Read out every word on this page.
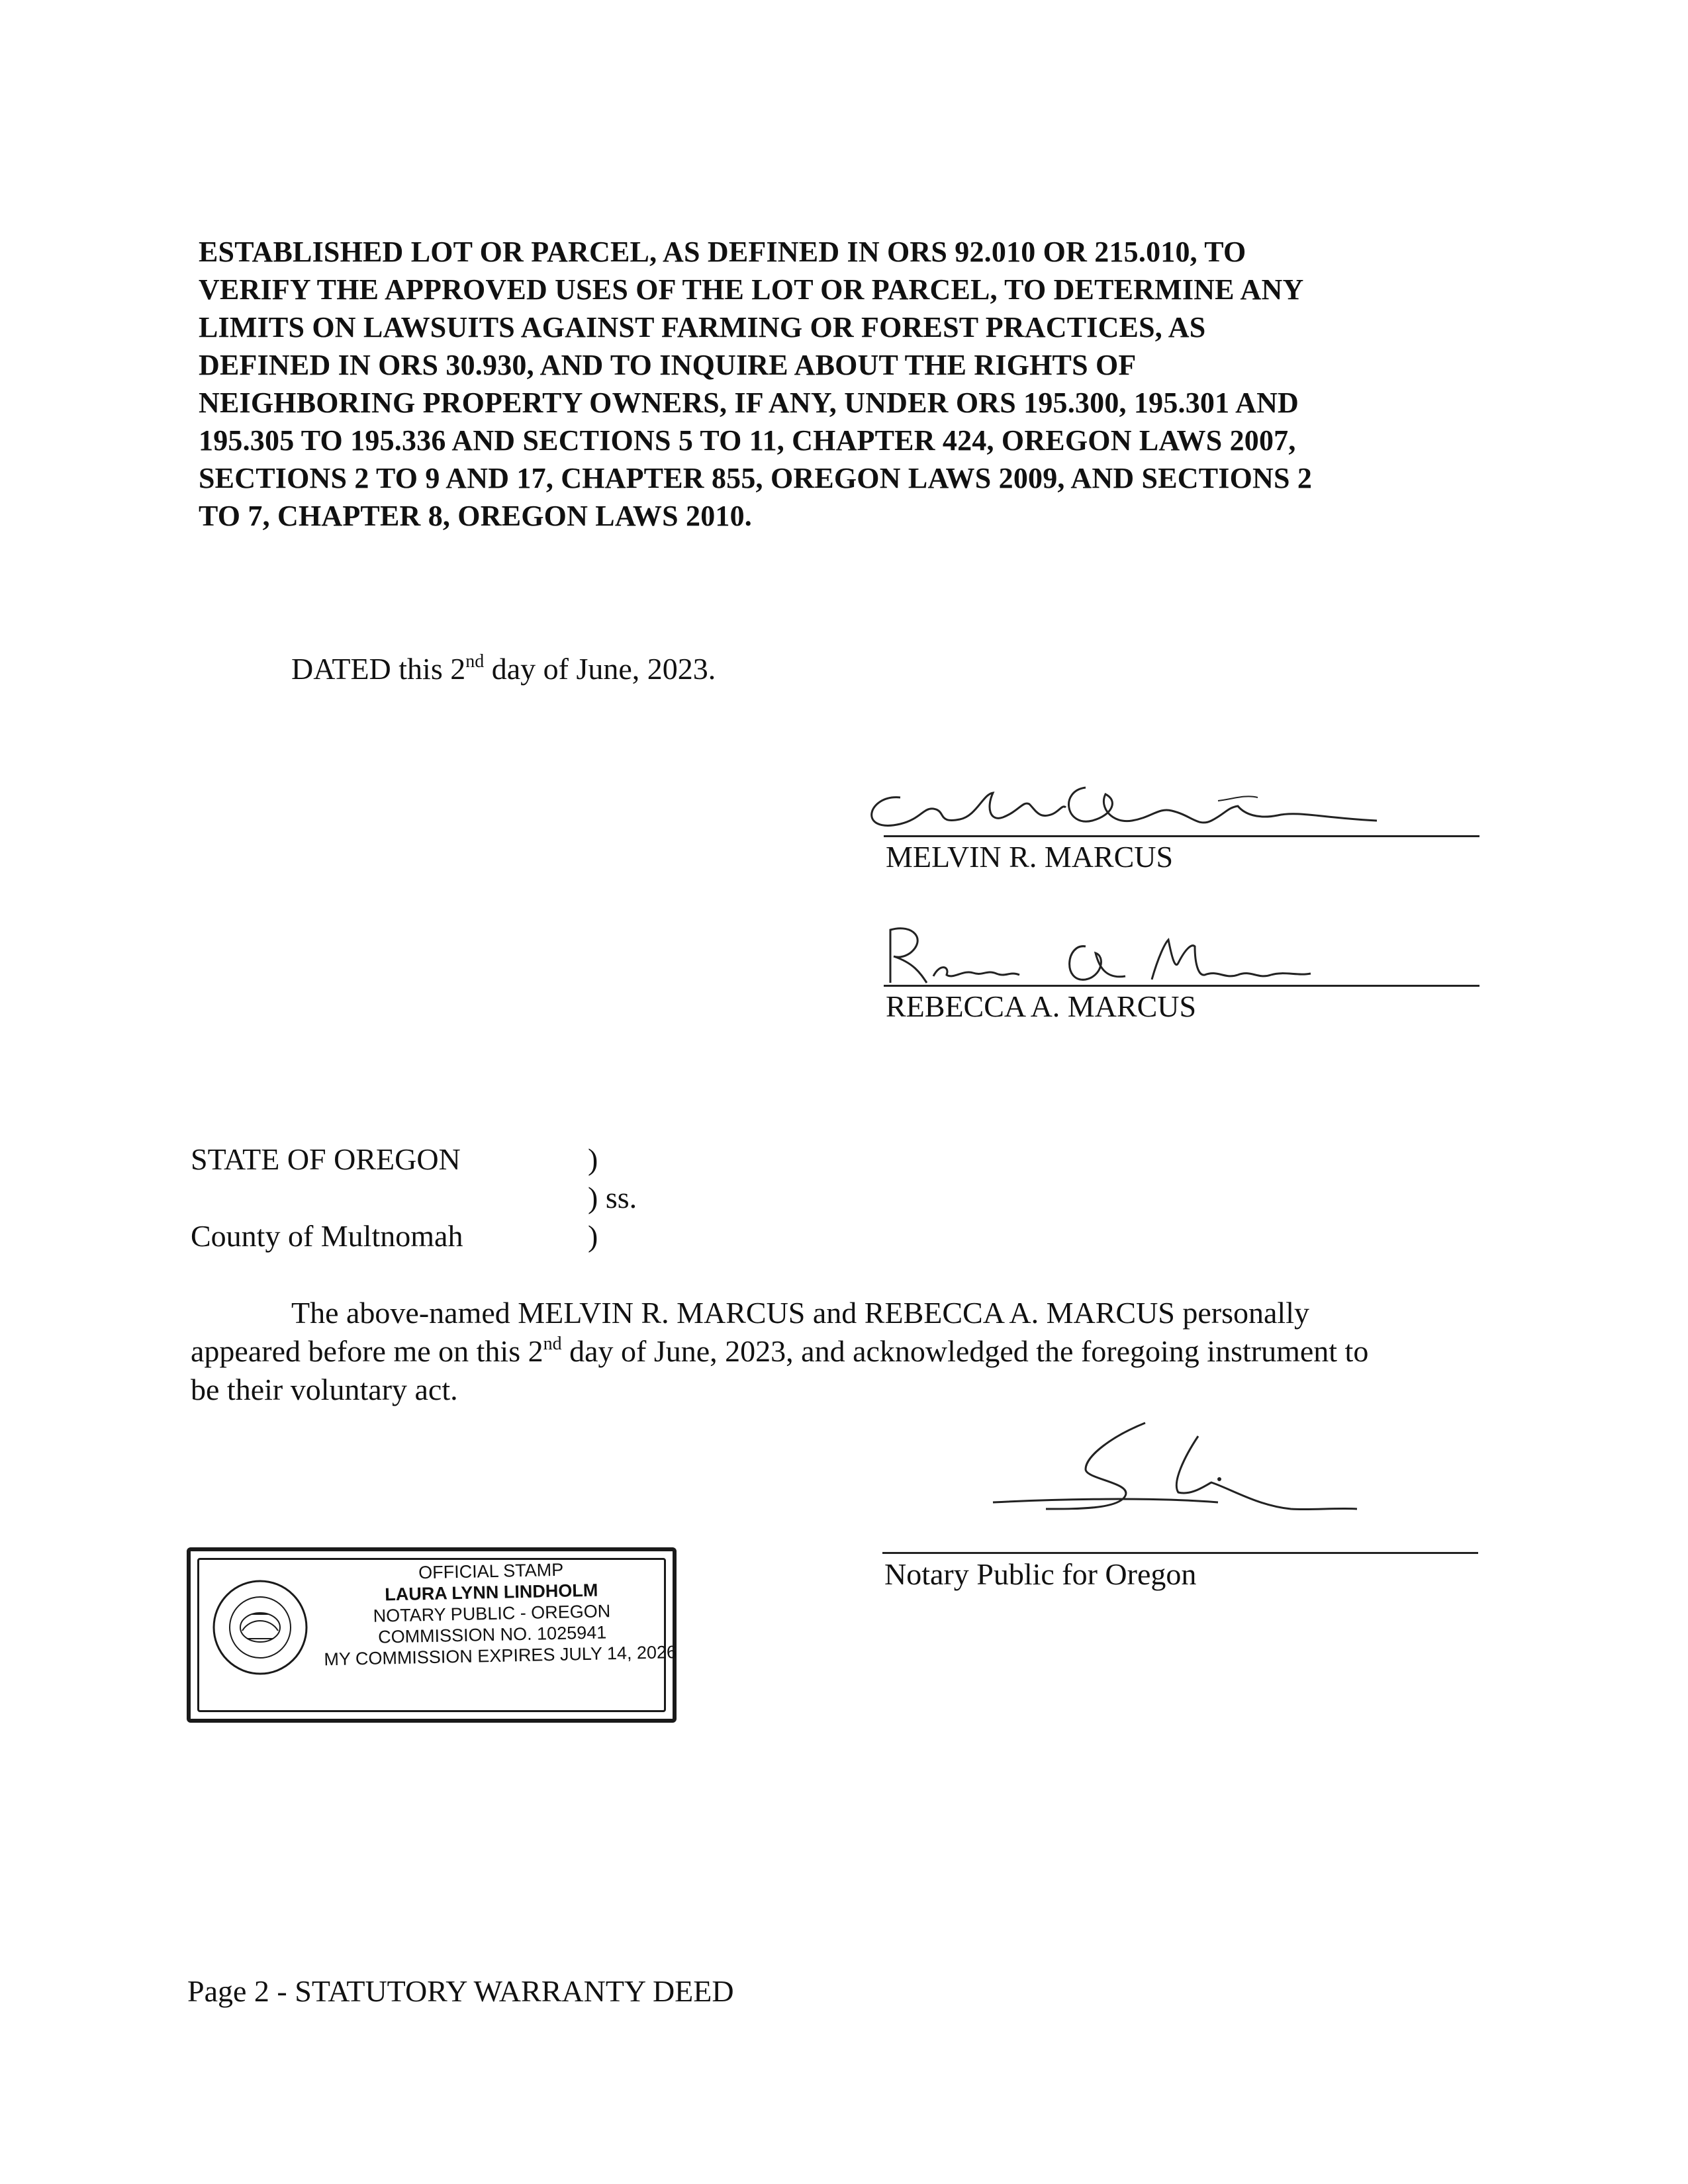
ESTABLISHED LOT OR PARCEL, AS DEFINED IN ORS 92.010 OR 215.010, TO
VERIFY THE APPROVED USES OF THE LOT OR PARCEL, TO DETERMINE ANY
LIMITS ON LAWSUITS AGAINST FARMING OR FOREST PRACTICES, AS
DEFINED IN ORS 30.930, AND TO INQUIRE ABOUT THE RIGHTS OF
NEIGHBORING PROPERTY OWNERS, IF ANY, UNDER ORS 195.300, 195.301 AND
195.305 TO 195.336 AND SECTIONS 5 TO 11, CHAPTER 424, OREGON LAWS 2007,
SECTIONS 2 TO 9 AND 17, CHAPTER 855, OREGON LAWS 2009, AND SECTIONS 2
TO 7, CHAPTER 8, OREGON LAWS 2010.
DATED this 2nd day of June, 2023.
MELVIN R. MARCUS
REBECCA A. MARCUS
STATE OF OREGON	)
) ss.
County of Multnomah	)
The above-named MELVIN R. MARCUS and REBECCA A. MARCUS personally
appeared before me on this 2nd day of June, 2023, and acknowledged the foregoing instrument to
be their voluntary act.
Notary Public for Oregon
OFFICIAL STAMP
LAURA LYNN LINDHOLM
NOTARY PUBLIC - OREGON
COMMISSION NO. 1025941
MY COMMISSION EXPIRES JULY 14, 2026
Page 2 - STATUTORY WARRANTY DEED
